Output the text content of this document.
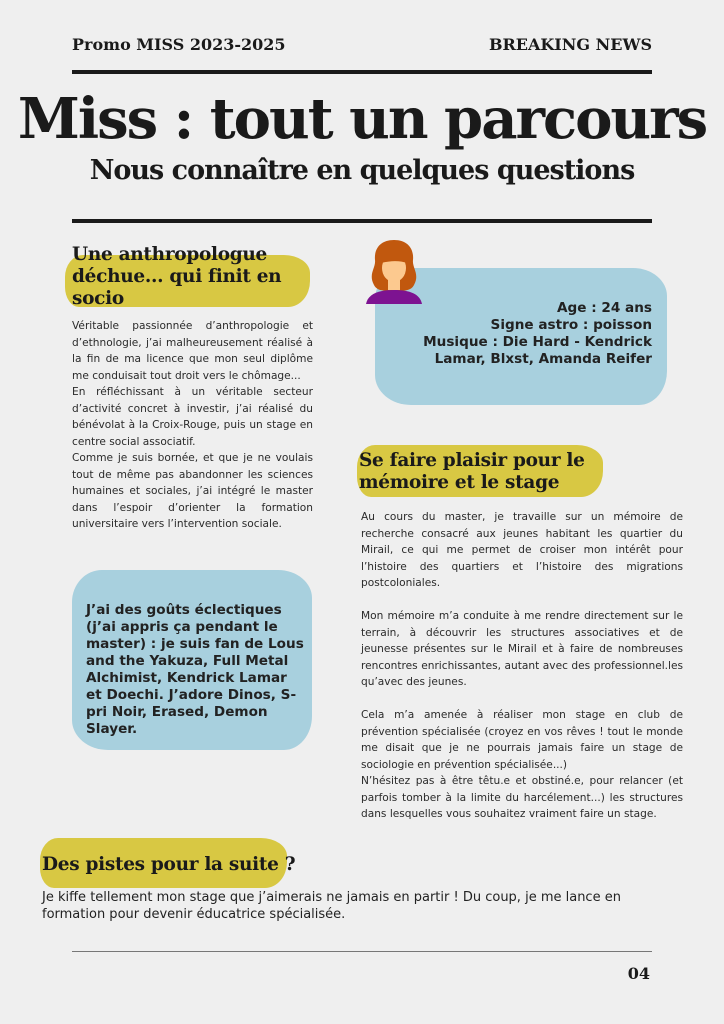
Promo MISS 2023-2025	BREAKING NEWS
Miss : tout un parcours
Nous connaître en quelques questions
Une anthropologue déchue... qui finit en socio
Véritable passionnée d’anthropologie et d’ethnologie, j’ai malheureusement réalisé à la fin de ma licence que mon seul diplôme me conduisait tout droit vers le chômage...
En réfléchissant à un véritable secteur d’activité concret à investir, j’ai réalisé du bénévolat à la Croix-Rouge, puis un stage en centre social associatif.
Comme je suis bornée, et que je ne voulais tout de même pas abandonner les sciences humaines et sociales, j’ai intégré le master dans l’espoir d’orienter la formation universitaire vers l’intervention sociale.
Age : 24 ans
Signe astro : poisson
Musique : Die Hard - Kendrick Lamar, Blxst, Amanda Reifer
Se faire plaisir pour le mémoire et le stage
Au cours du master, je travaille sur un mémoire de recherche consacré aux jeunes habitant les quartier du Mirail, ce qui me permet de croiser mon intérêt pour l’histoire des quartiers et l’histoire des migrations postcoloniales.
Mon mémoire m’a conduite à me rendre directement sur le terrain, à découvrir les structures associatives et de jeunesse présentes sur le Mirail et à faire de nombreuses rencontres enrichissantes, autant avec des professionnel.les qu’avec des jeunes.
Cela m’a amenée à réaliser mon stage en club de prévention spécialisée (croyez en vos rêves ! tout le monde me disait que je ne pourrais jamais faire un stage de sociologie en prévention spécialisée...)
N’hésitez pas à être têtu.e et obstiné.e, pour relancer (et parfois tomber à la limite du harcélement...) les structures dans lesquelles vous souhaitez vraiment faire un stage.
J’ai des goûts éclectiques (j’ai appris ça pendant le master) : je suis fan de Lous and the Yakuza, Full Metal Alchimist, Kendrick Lamar et Doechi. J’adore Dinos, S-pri Noir, Erased, Demon Slayer.
Des pistes pour la suite ?
Je kiffe tellement mon stage que j’aimerais ne jamais en partir ! Du coup, je me lance en formation pour devenir éducatrice spécialisée.
04
